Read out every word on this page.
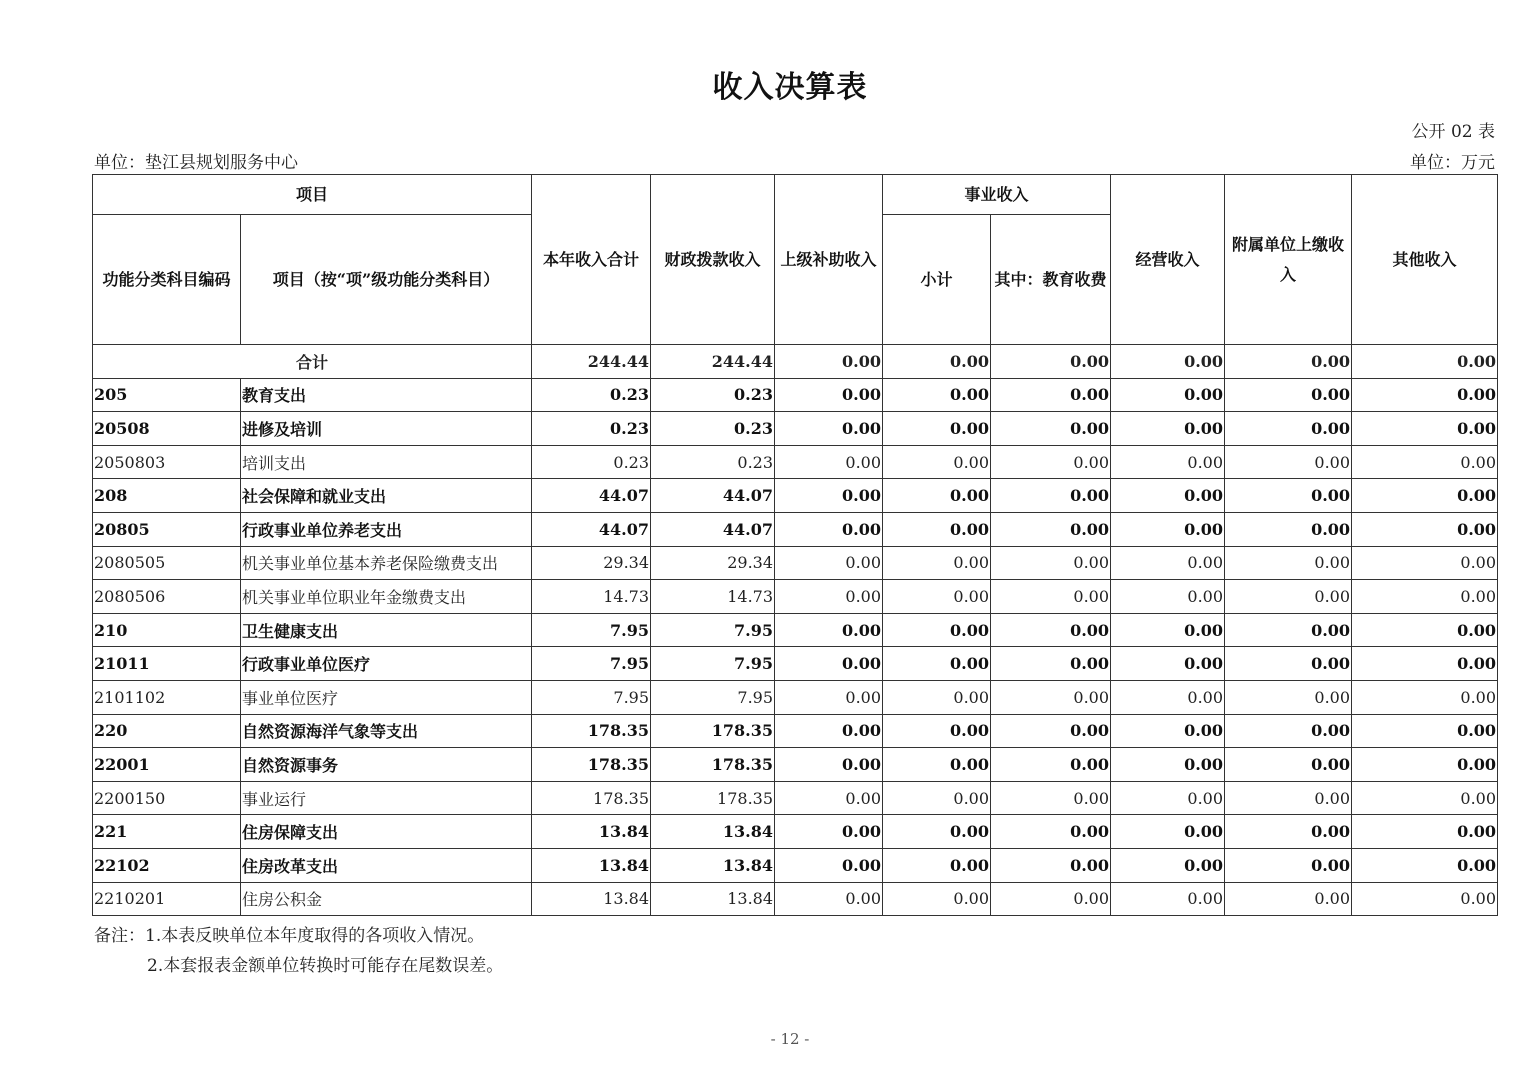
收入决算表
公开 02 表
单位：垫江县规划服务中心	单位：万元
项目		本年收入合计	财政拨款收入	上级补助收入	事业收入		经营收入	附属单位上缴收入	其他收入
功能分类科目编码	项目（按“项”级功能分类科目）				小计	其中：教育收费			
合计		244.44	244.44	0.00	0.00	0.00	0.00	0.00	0.00
205	教育支出	0.23	0.23	0.00	0.00	0.00	0.00	0.00	0.00
20508	进修及培训	0.23	0.23	0.00	0.00	0.00	0.00	0.00	0.00
2050803	培训支出	0.23	0.23	0.00	0.00	0.00	0.00	0.00	0.00
208	社会保障和就业支出	44.07	44.07	0.00	0.00	0.00	0.00	0.00	0.00
20805	行政事业单位养老支出	44.07	44.07	0.00	0.00	0.00	0.00	0.00	0.00
2080505	机关事业单位基本养老保险缴费支出	29.34	29.34	0.00	0.00	0.00	0.00	0.00	0.00
2080506	机关事业单位职业年金缴费支出	14.73	14.73	0.00	0.00	0.00	0.00	0.00	0.00
210	卫生健康支出	7.95	7.95	0.00	0.00	0.00	0.00	0.00	0.00
21011	行政事业单位医疗	7.95	7.95	0.00	0.00	0.00	0.00	0.00	0.00
2101102	事业单位医疗	7.95	7.95	0.00	0.00	0.00	0.00	0.00	0.00
220	自然资源海洋气象等支出	178.35	178.35	0.00	0.00	0.00	0.00	0.00	0.00
22001	自然资源事务	178.35	178.35	0.00	0.00	0.00	0.00	0.00	0.00
2200150	事业运行	178.35	178.35	0.00	0.00	0.00	0.00	0.00	0.00
221	住房保障支出	13.84	13.84	0.00	0.00	0.00	0.00	0.00	0.00
22102	住房改革支出	13.84	13.84	0.00	0.00	0.00	0.00	0.00	0.00
2210201	住房公积金	13.84	13.84	0.00	0.00	0.00	0.00	0.00	0.00
备注：1.本表反映单位本年度取得的各项收入情况。
2.本套报表金额单位转换时可能存在尾数误差。
- 12 -
